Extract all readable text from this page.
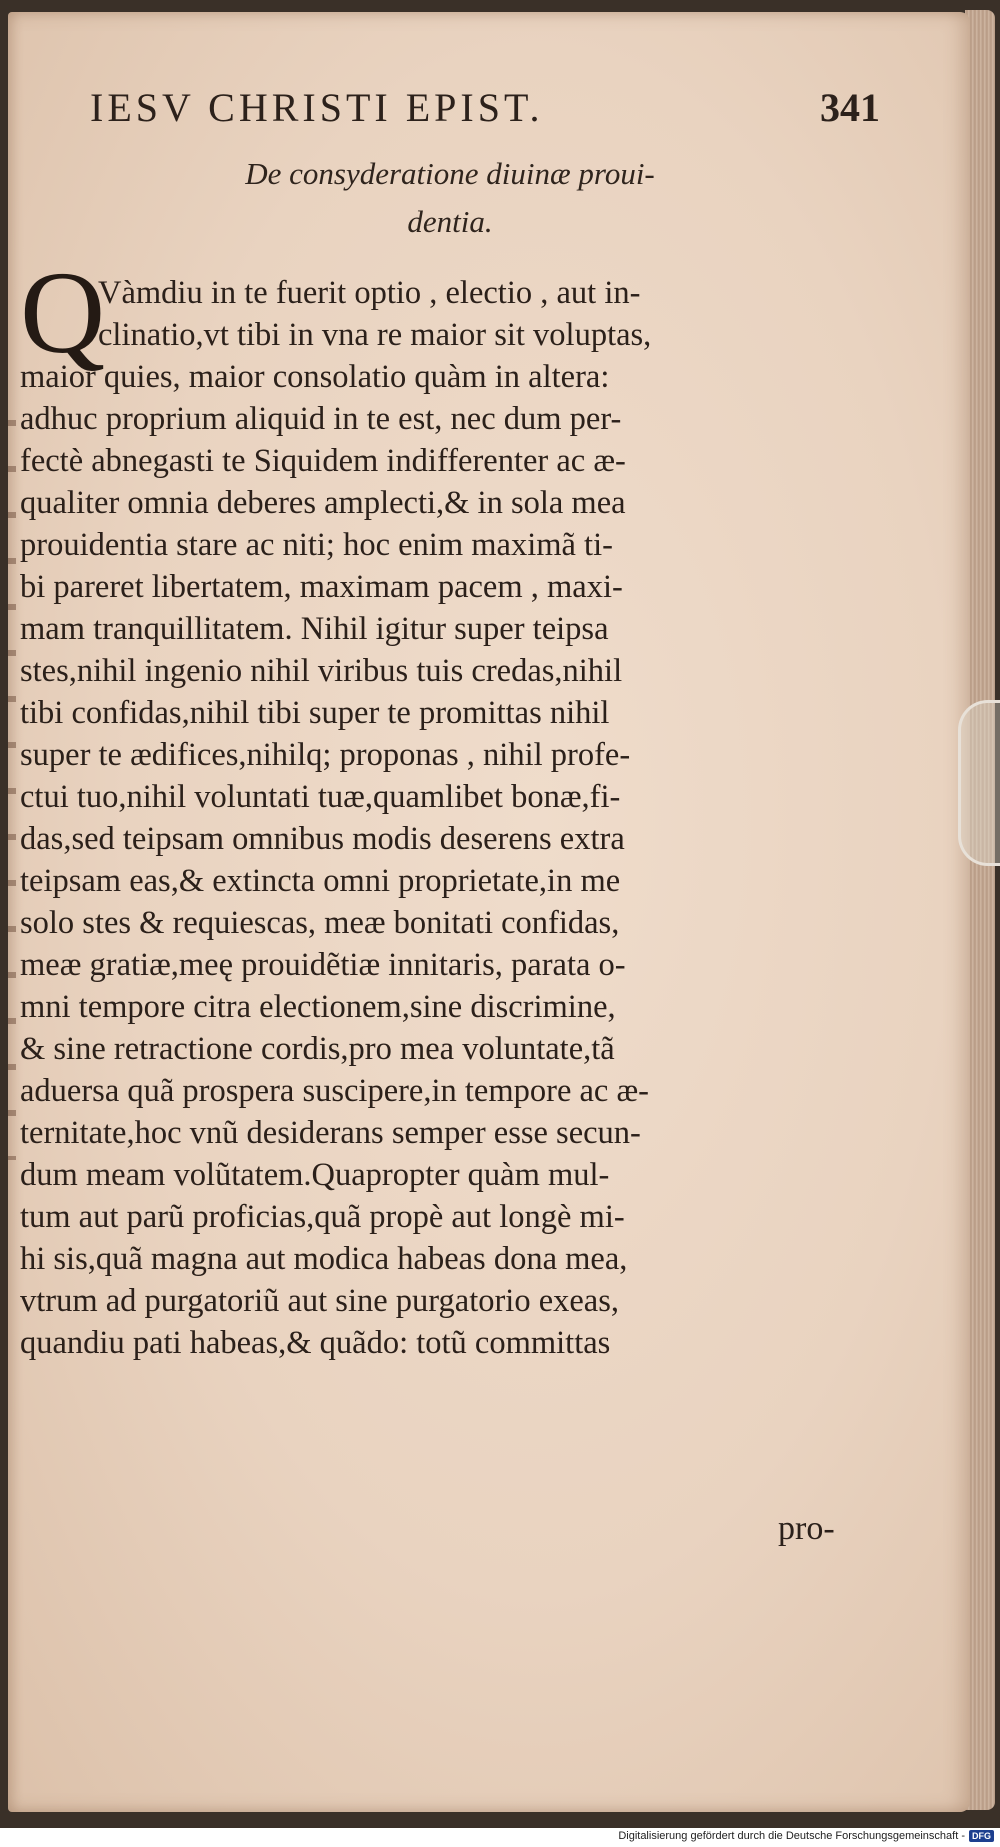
IESV CHRISTI EPIST.	341
De consyderatione diuinæ proui-
dentia.
Q
Vàmdiu in te fuerit optio , electio , aut in-
clinatio,vt tibi in vna re maior sit voluptas,
maior quies, maior consolatio quàm in altera:
adhuc proprium aliquid in te est, nec dum per-
fectè abnegasti te Siquidem indifferenter ac æ-
qualiter omnia deberes amplecti,& in sola mea
prouidentia stare ac niti; hoc enim maximã ti-
bi pareret libertatem, maximam pacem , maxi-
mam tranquillitatem. Nihil igitur super teipsa
stes,nihil ingenio nihil viribus tuis credas,nihil
tibi confidas,nihil tibi super te promittas nihil
super te ædifices,nihilq; proponas , nihil profe-
ctui tuo,nihil voluntati tuæ,quamlibet bonæ,fi-
das,sed teipsam omnibus modis deserens extra
teipsam eas,& extincta omni proprietate,in me
solo stes & requiescas, meæ bonitati confidas,
meæ gratiæ,meę prouidẽtiæ innitaris, parata o-
mni tempore citra electionem,sine discrimine,
& sine retractione cordis,pro mea voluntate,tã
aduersa quã prospera suscipere,in tempore ac æ-
ternitate,hoc vnũ desiderans semper esse secun-
dum meam volũtatem.Quapropter quàm mul-
tum aut parũ proficias,quã propè aut longè mi-
hi sis,quã magna aut modica habeas dona mea,
vtrum ad purgatoriũ aut sine purgatorio exeas,
quandiu pati habeas,& quãdo: totũ committas
pro-
Digitalisierung gefördert durch die Deutsche Forschungsgemeinschaft - DFG
